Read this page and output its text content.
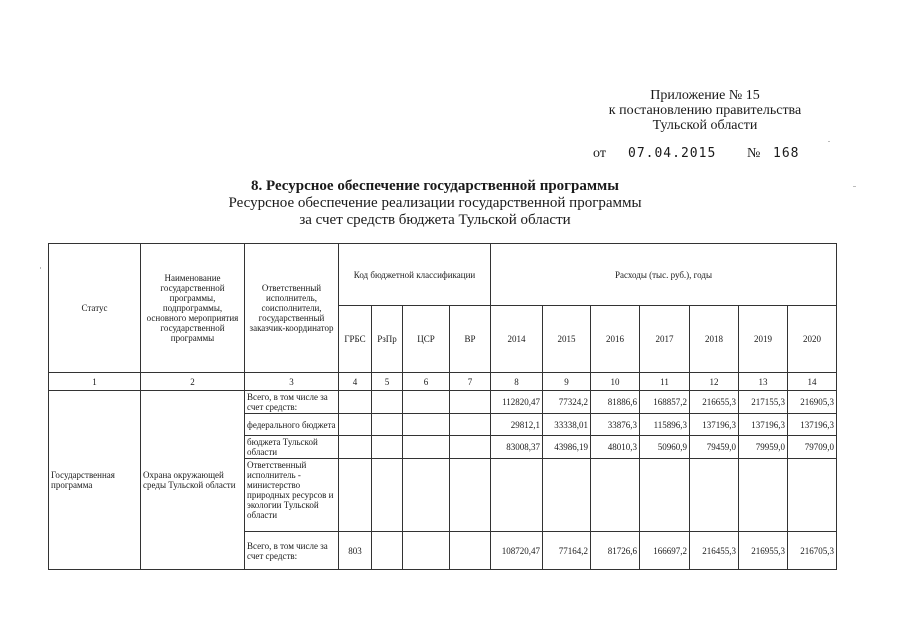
Приложение № 15
к постановлению правительства
Тульской области
от 07.04.2015 № 168
8. Ресурсное обеспечение государственной программы
Ресурсное обеспечение реализации государственной программы
за счет средств бюджета Тульской области
Статус	Наименование государственной программы, подпрограммы, основного мероприятия государственной программы	Ответственный исполнитель, соисполнители, государственный заказчик-координатор	Код бюджетной классификации				Расходы (тыс. руб.), годы						
			ГРБС	РзПр	ЦСР	ВР	2014	2015	2016	2017	2018	2019	2020
1	2	3	4	5	6	7	8	9	10	11	12	13	14
Государственная программа	Охрана окружающей среды Тульской области	Всего, в том числе за счет средств:					112820,47	77324,2	81886,6	168857,2	216655,3	217155,3	216905,3
		федерального бюджета					29812,1	33338,01	33876,3	115896,3	137196,3	137196,3	137196,3
		бюджета Тульской области					83008,37	43986,19	48010,3	50960,9	79459,0	79959,0	79709,0
		Ответственный исполнитель - министерство природных ресурсов и экологии Тульской области											
		Всего, в том числе за счет средств:	803				108720,47	77164,2	81726,6	166697,2	216455,3	216955,3	216705,3
